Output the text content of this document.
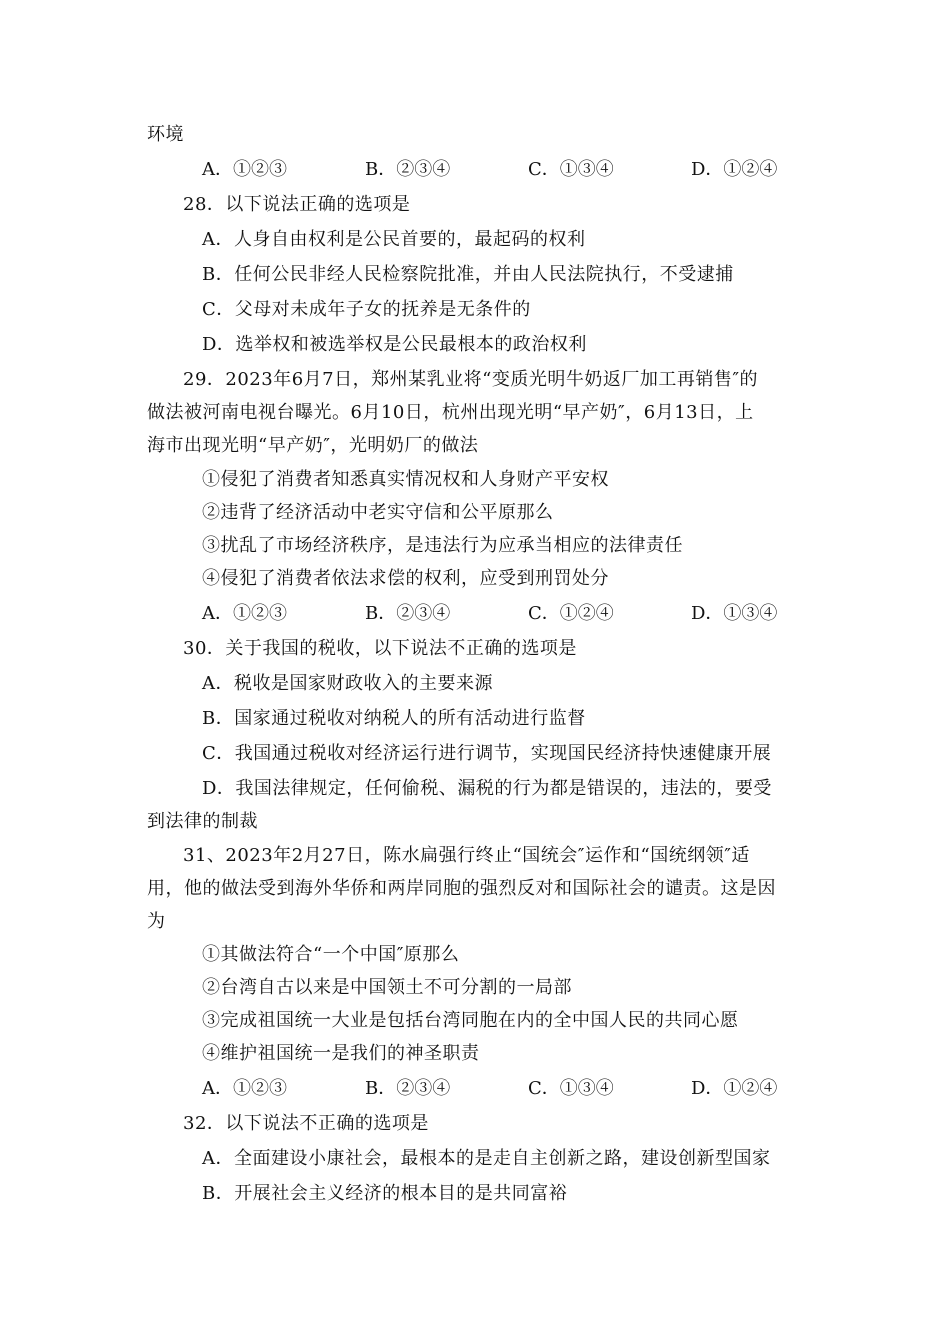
环境
A．①②③	B．②③④	C．①③④	D．①②④
28．以下说法正确的选项是
A．人身自由权利是公民首要的，最起码的权利
B．任何公民非经人民检察院批准，并由人民法院执行，不受逮捕
C．父母对未成年子女的抚养是无条件的
D．选举权和被选举权是公民最根本的政治权利
29．2023年6月7日，郑州某乳业将“变质光明牛奶返厂加工再销售″的
做法被河南电视台曝光。6月10日，杭州出现光明“早产奶″，6月13日，上
海市出现光明“早产奶″，光明奶厂的做法
①侵犯了消费者知悉真实情况权和人身财产平安权
②违背了经济活动中老实守信和公平原那么
③扰乱了市场经济秩序，是违法行为应承当相应的法律责任
④侵犯了消费者依法求偿的权利，应受到刑罚处分
A．①②③	B．②③④	C．①②④	D．①③④
30．关于我国的税收，以下说法不正确的选项是
A．税收是国家财政收入的主要来源
B．国家通过税收对纳税人的所有活动进行监督
C．我国通过税收对经济运行进行调节，实现国民经济持快速健康开展
D．我国法律规定，任何偷税、漏税的行为都是错误的，违法的，要受
到法律的制裁
31、2023年2月27日，陈水扁强行终止“国统会″运作和“国统纲领″适
用，他的做法受到海外华侨和两岸同胞的强烈反对和国际社会的谴责。这是因
为
①其做法符合“一个中国″原那么
②台湾自古以来是中国领土不可分割的一局部
③完成祖国统一大业是包括台湾同胞在内的全中国人民的共同心愿
④维护祖国统一是我们的神圣职责
A．①②③	B．②③④	C．①③④	D．①②④
32．以下说法不正确的选项是
A．全面建设小康社会，最根本的是走自主创新之路，建设创新型国家
B．开展社会主义经济的根本目的是共同富裕
